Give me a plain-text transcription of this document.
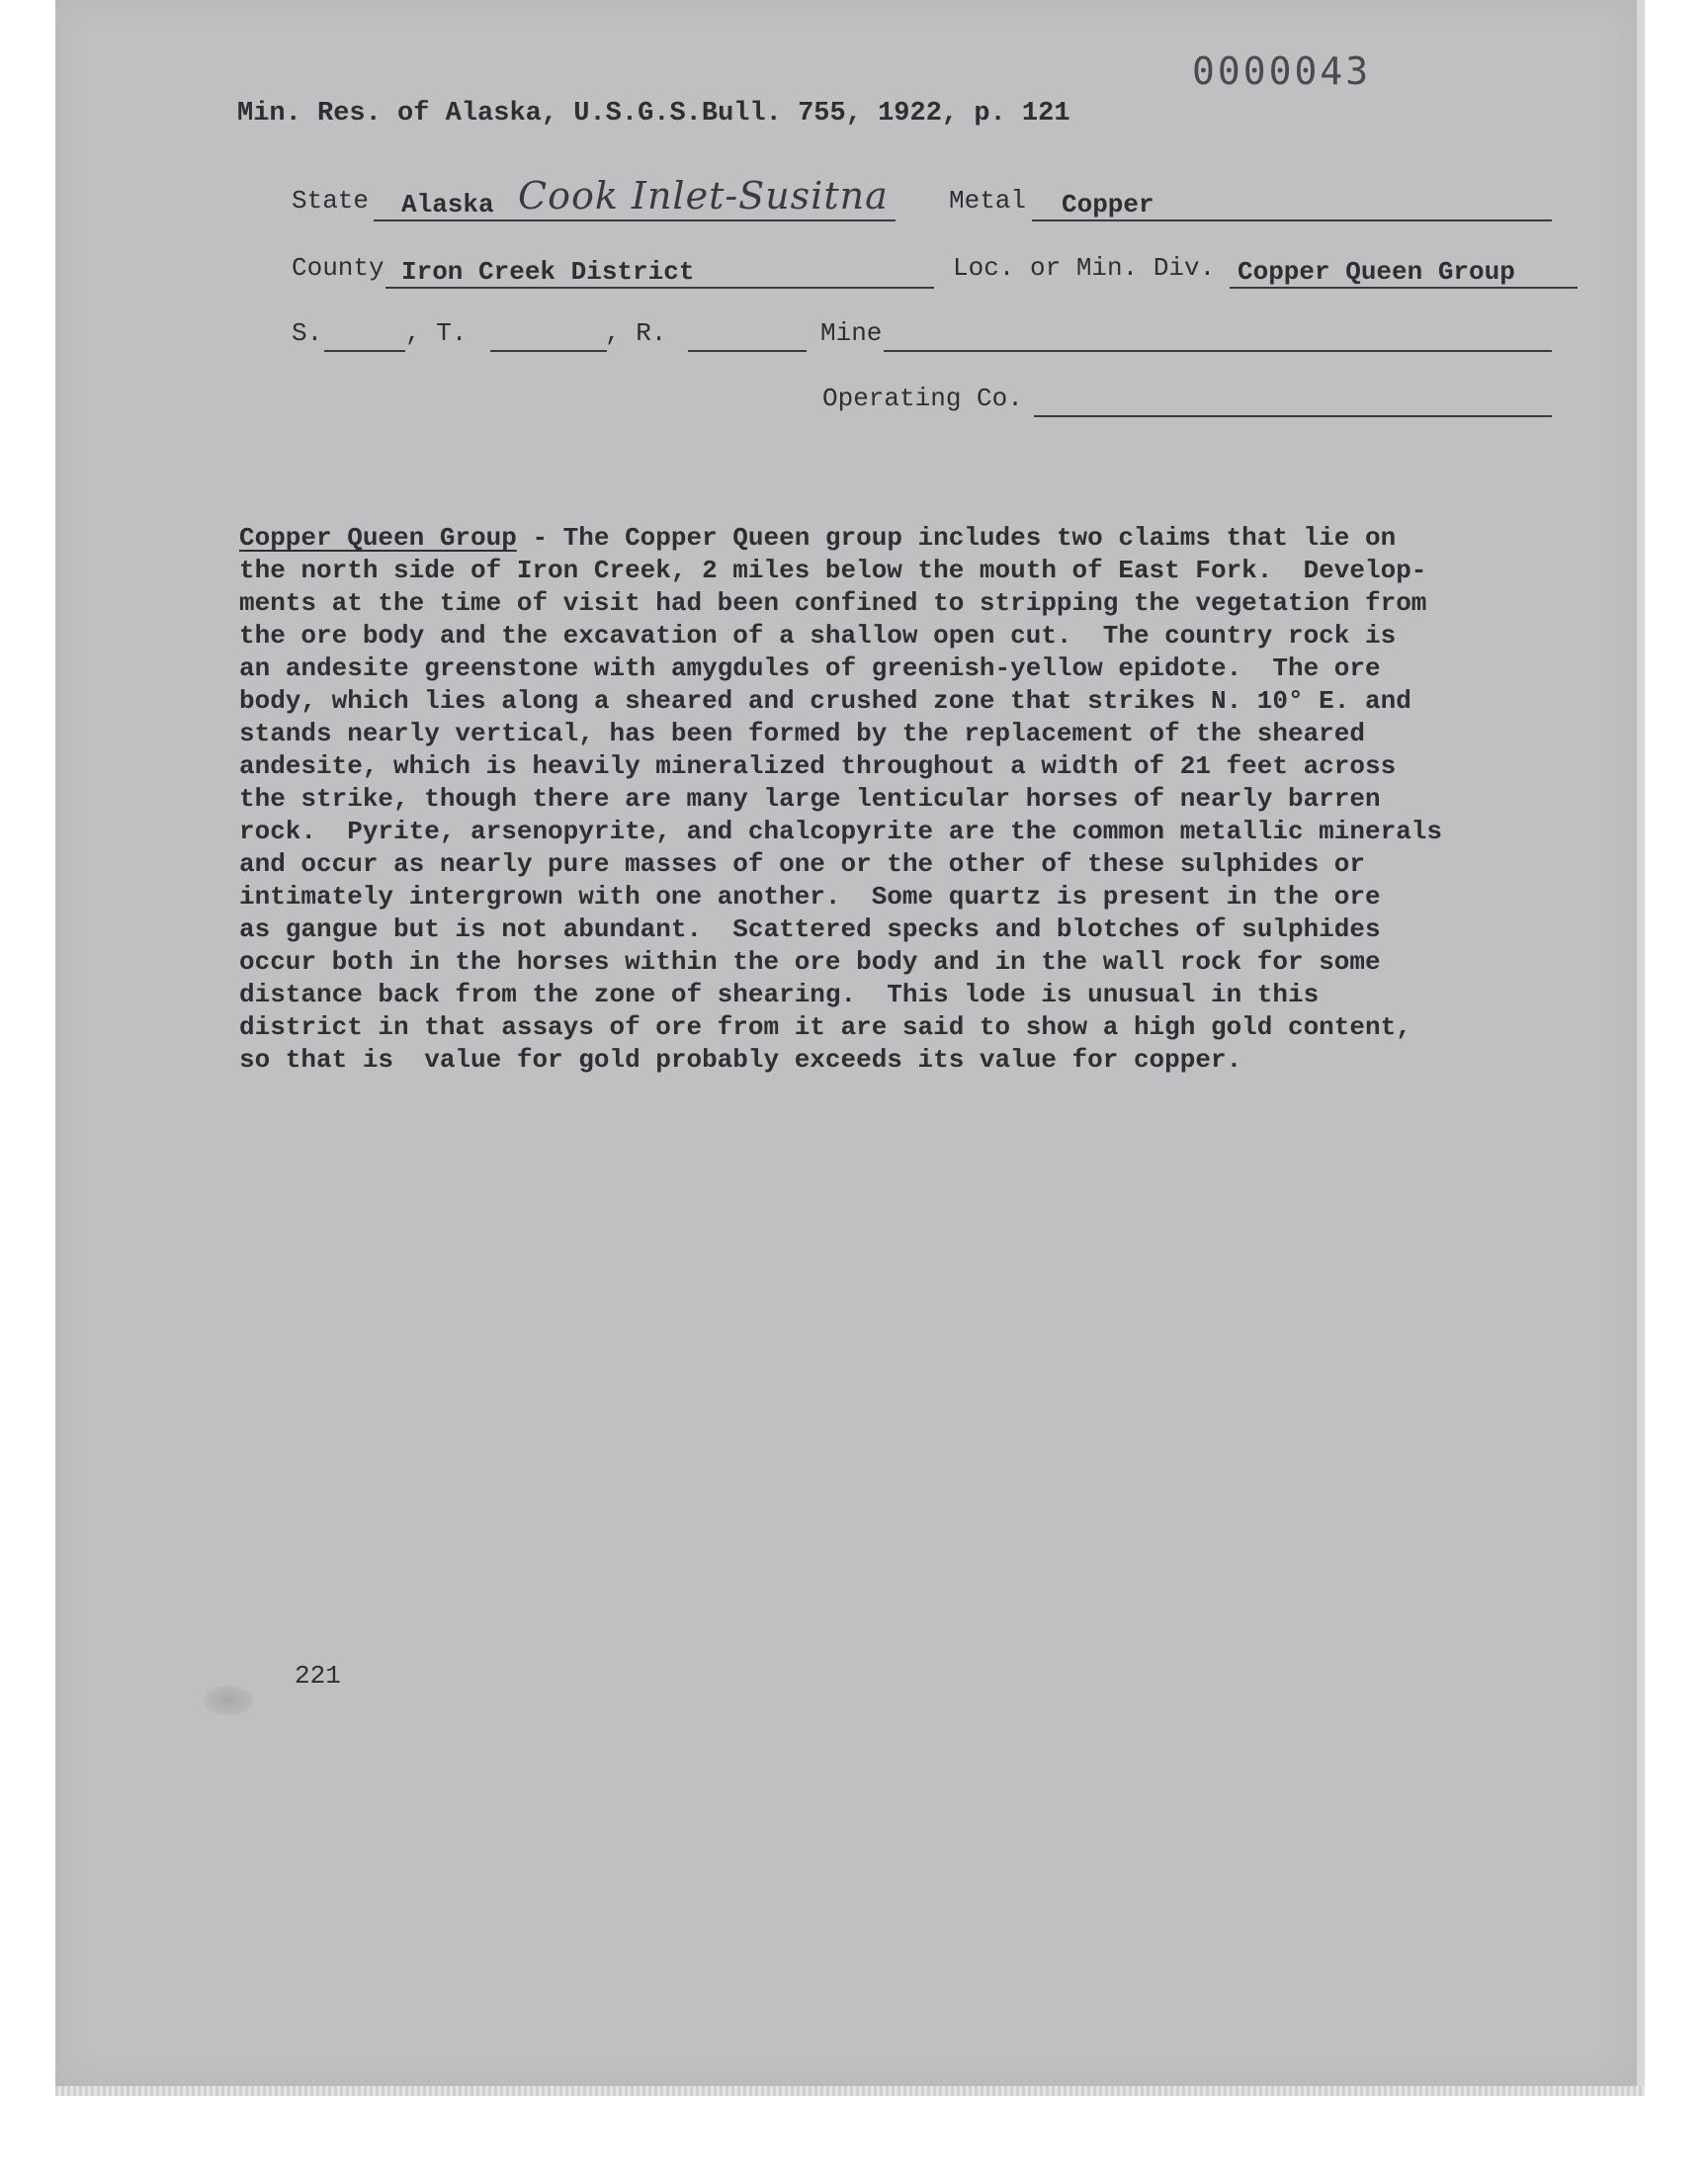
0000043
Min. Res. of Alaska, U.S.G.S.Bull. 755, 1922, p. 121
State Alaska Cook Inlet-Susitna Metal Copper
County Iron Creek District	Loc. or Min. Div. Copper Queen Group
S.	, T.	, R.	Mine
Operating Co.
Copper Queen Group - The Copper Queen group includes two claims that lie on
the north side of Iron Creek, 2 miles below the mouth of East Fork.  Develop-
ments at the time of visit had been confined to stripping the vegetation from
the ore body and the excavation of a shallow open cut.  The country rock is
an andesite greenstone with amygdules of greenish-yellow epidote.  The ore
body, which lies along a sheared and crushed zone that strikes N. 10° E. and
stands nearly vertical, has been formed by the replacement of the sheared
andesite, which is heavily mineralized throughout a width of 21 feet across
the strike, though there are many large lenticular horses of nearly barren
rock.  Pyrite, arsenopyrite, and chalcopyrite are the common metallic minerals
and occur as nearly pure masses of one or the other of these sulphides or
intimately intergrown with one another.  Some quartz is present in the ore
as gangue but is not abundant.  Scattered specks and blotches of sulphides
occur both in the horses within the ore body and in the wall rock for some
distance back from the zone of shearing.  This lode is unusual in this
district in that assays of ore from it are said to show a high gold content,
so that is  value for gold probably exceeds its value for copper.
221
